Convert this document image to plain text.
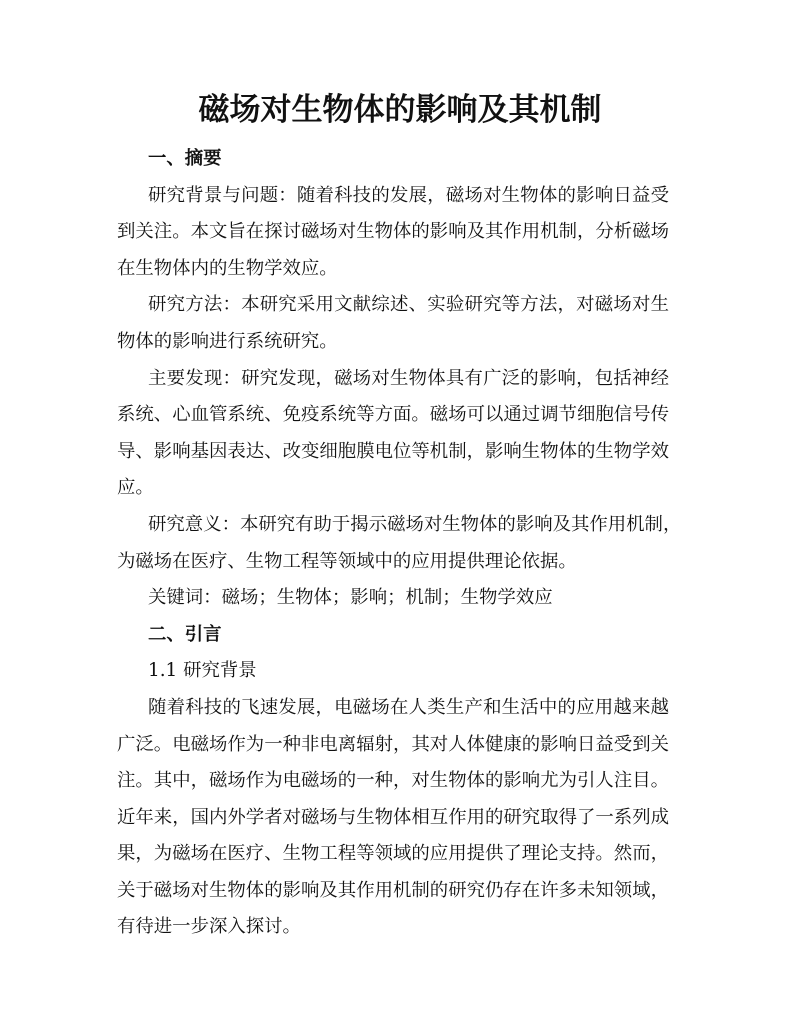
磁场对生物体的影响及其机制
一、摘要
研究背景与问题：随着科技的发展，磁场对生物体的影响日益受
到关注。本文旨在探讨磁场对生物体的影响及其作用机制，分析磁场
在生物体内的生物学效应。
研究方法：本研究采用文献综述、实验研究等方法，对磁场对生
物体的影响进行系统研究。
主要发现：研究发现，磁场对生物体具有广泛的影响，包括神经
系统、心血管系统、免疫系统等方面。磁场可以通过调节细胞信号传
导、影响基因表达、改变细胞膜电位等机制，影响生物体的生物学效
应。
研究意义：本研究有助于揭示磁场对生物体的影响及其作用机制，
为磁场在医疗、生物工程等领域中的应用提供理论依据。
关键词：磁场；生物体；影响；机制；生物学效应
二、引言
1.1 研究背景
随着科技的飞速发展，电磁场在人类生产和生活中的应用越来越
广泛。电磁场作为一种非电离辐射，其对人体健康的影响日益受到关
注。其中，磁场作为电磁场的一种，对生物体的影响尤为引人注目。
近年来，国内外学者对磁场与生物体相互作用的研究取得了一系列成
果，为磁场在医疗、生物工程等领域的应用提供了理论支持。然而，
关于磁场对生物体的影响及其作用机制的研究仍存在许多未知领域，
有待进一步深入探讨。
